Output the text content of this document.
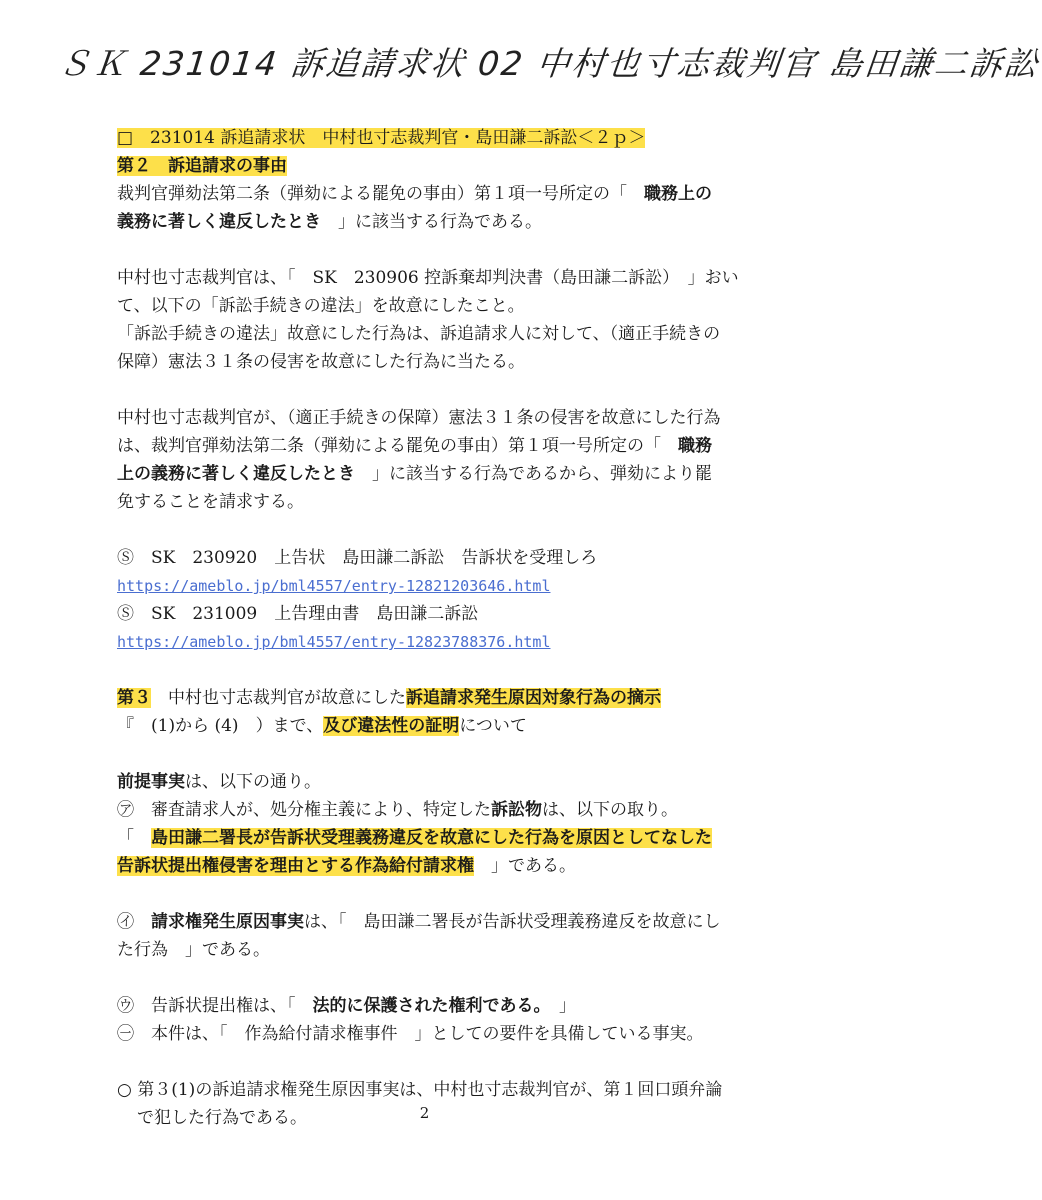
ＳＫ 231014 訴追請求状 02 中村也寸志裁判官 島田謙二訴訟
□　231014 訴追請求状　中村也寸志裁判官・島田謙二訴訟＜２ｐ＞
第２　訴追請求の事由
裁判官弾劾法第二条（弾劾による罷免の事由）第１項一号所定の「　職務上の
義務に著しく違反したとき　」に該当する行為である。
中村也寸志裁判官は、「　SK　230906 控訴棄却判決書（島田謙二訴訟）　」おい
て、以下の「訴訟手続きの違法」を故意にしたこと。
「訴訟手続きの違法」故意にした行為は、訴追請求人に対して、（適正手続きの
保障）憲法３１条の侵害を故意にした行為に当たる。
中村也寸志裁判官が、（適正手続きの保障）憲法３１条の侵害を故意にした行為
は、裁判官弾劾法第二条（弾劾による罷免の事由）第１項一号所定の「　職務
上の義務に著しく違反したとき　」に該当する行為であるから、弾劾により罷
免することを請求する。
Ⓢ　SK　230920　上告状　島田謙二訴訟　告訴状を受理しろ
https://ameblo.jp/bml4557/entry-12821203646.html
Ⓢ　SK　231009　上告理由書　島田謙二訴訟
https://ameblo.jp/bml4557/entry-12823788376.html
第３　中村也寸志裁判官が故意にした訴追請求発生原因対象行為の摘示
『　(1)から (4)　）まで、及び違法性の証明について
前提事実は、以下の通り。
㋐　審査請求人が、処分権主義により、特定した訴訟物は、以下の取り。
「　島田謙二署長が告訴状受理義務違反を故意にした行為を原因としてなした
告訴状提出権侵害を理由とする作為給付請求権　」である。
㋑　請求権発生原因事実は、「　島田謙二署長が告訴状受理義務違反を故意にし
た行為　」である。
㋒　告訴状提出権は、「　法的に保護された権利である。　」
㊀　本件は、「　作為給付請求権事件　」としての要件を具備している事実。
○ 第３(1)の訴追請求権発生原因事実は、中村也寸志裁判官が、第１回口頭弁論
で犯した行為である。	2
